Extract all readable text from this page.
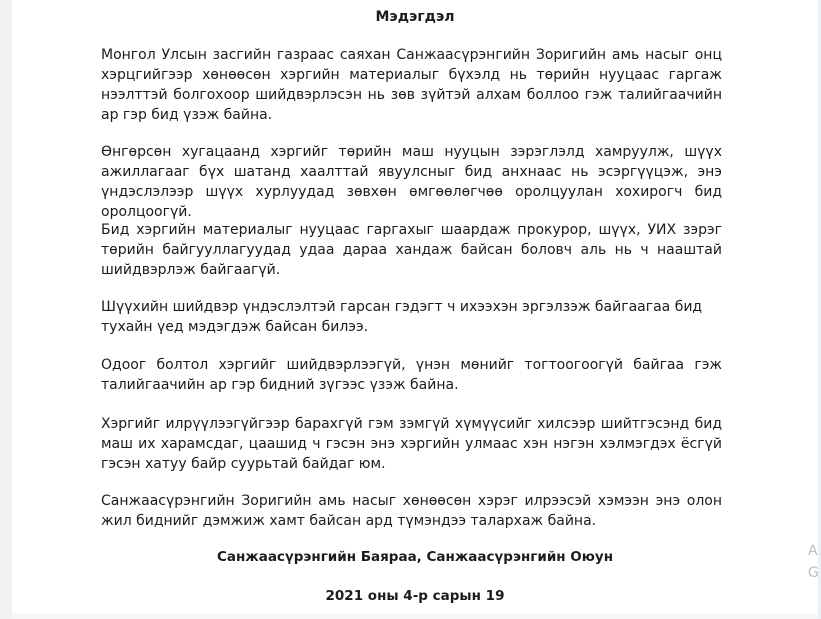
Мэдэгдэл

Монгол Улсын засгийн газраас саяхан Санжаасүрэнгийн Зоригийн амь насыг онц хэрцгийгээр хөнөөсөн хэргийн материалыг бүхэлд нь төрийн нууцаас гаргаж нээлттэй болгохоор шийдвэрлэсэн нь зөв зүйтэй алхам боллоо гэж талийгаачийн ар гэр бид үзэж байна.

Өнгөрсөн хугацаанд хэргийг төрийн маш нууцын зэрэглэлд хамруулж, шүүх ажиллагааг бүх шатанд хаалттай явуулсныг бид анхнаас нь эсэргүүцэж, энэ үндэслэлээр шүүх хурлуудад зөвхөн өмгөөлөгчөө оролцуулан хохирогч бид оролцоогүй.

Бид хэргийн материалыг нууцаас гаргахыг шаардаж прокурор, шүүх, УИХ зэрэг төрийн байгууллагуудад удаа дараа хандаж байсан боловч аль нь ч нааштай шийдвэрлэж байгаагүй.

Шүүхийн шийдвэр үндэслэлтэй гарсан гэдэгт ч ихээхэн эргэлзэж байгаагаа бид тухайн үед мэдэгдэж байсан билээ.

Одоог болтол хэргийг шийдвэрлээгүй, үнэн мөнийг тогтоогоогүй байгаа гэж талийгаачийн ар гэр бидний зүгээс үзэж байна.

Хэргийг илрүүлээгүйгээр барахгүй гэм зэмгүй хүмүүсийг хилсээр шийтгэсэнд бид маш их харамсдаг, цаашид ч гэсэн энэ хэргийн улмаас хэн нэгэн хэлмэгдэх ёсгүй гэсэн хатуу байр суурьтай байдаг юм.

Санжаасүрэнгийн Зоригийн амь насыг хөнөөсөн хэрэг илрээсэй хэмээн энэ олон жил биднийг дэмжиж хамт байсан ард түмэндээ талархаж байна.

Санжаасүрэнгийн Баяраа, Санжаасүрэнгийн Оюун
2021 оны 4-р сарын 19
A
G
